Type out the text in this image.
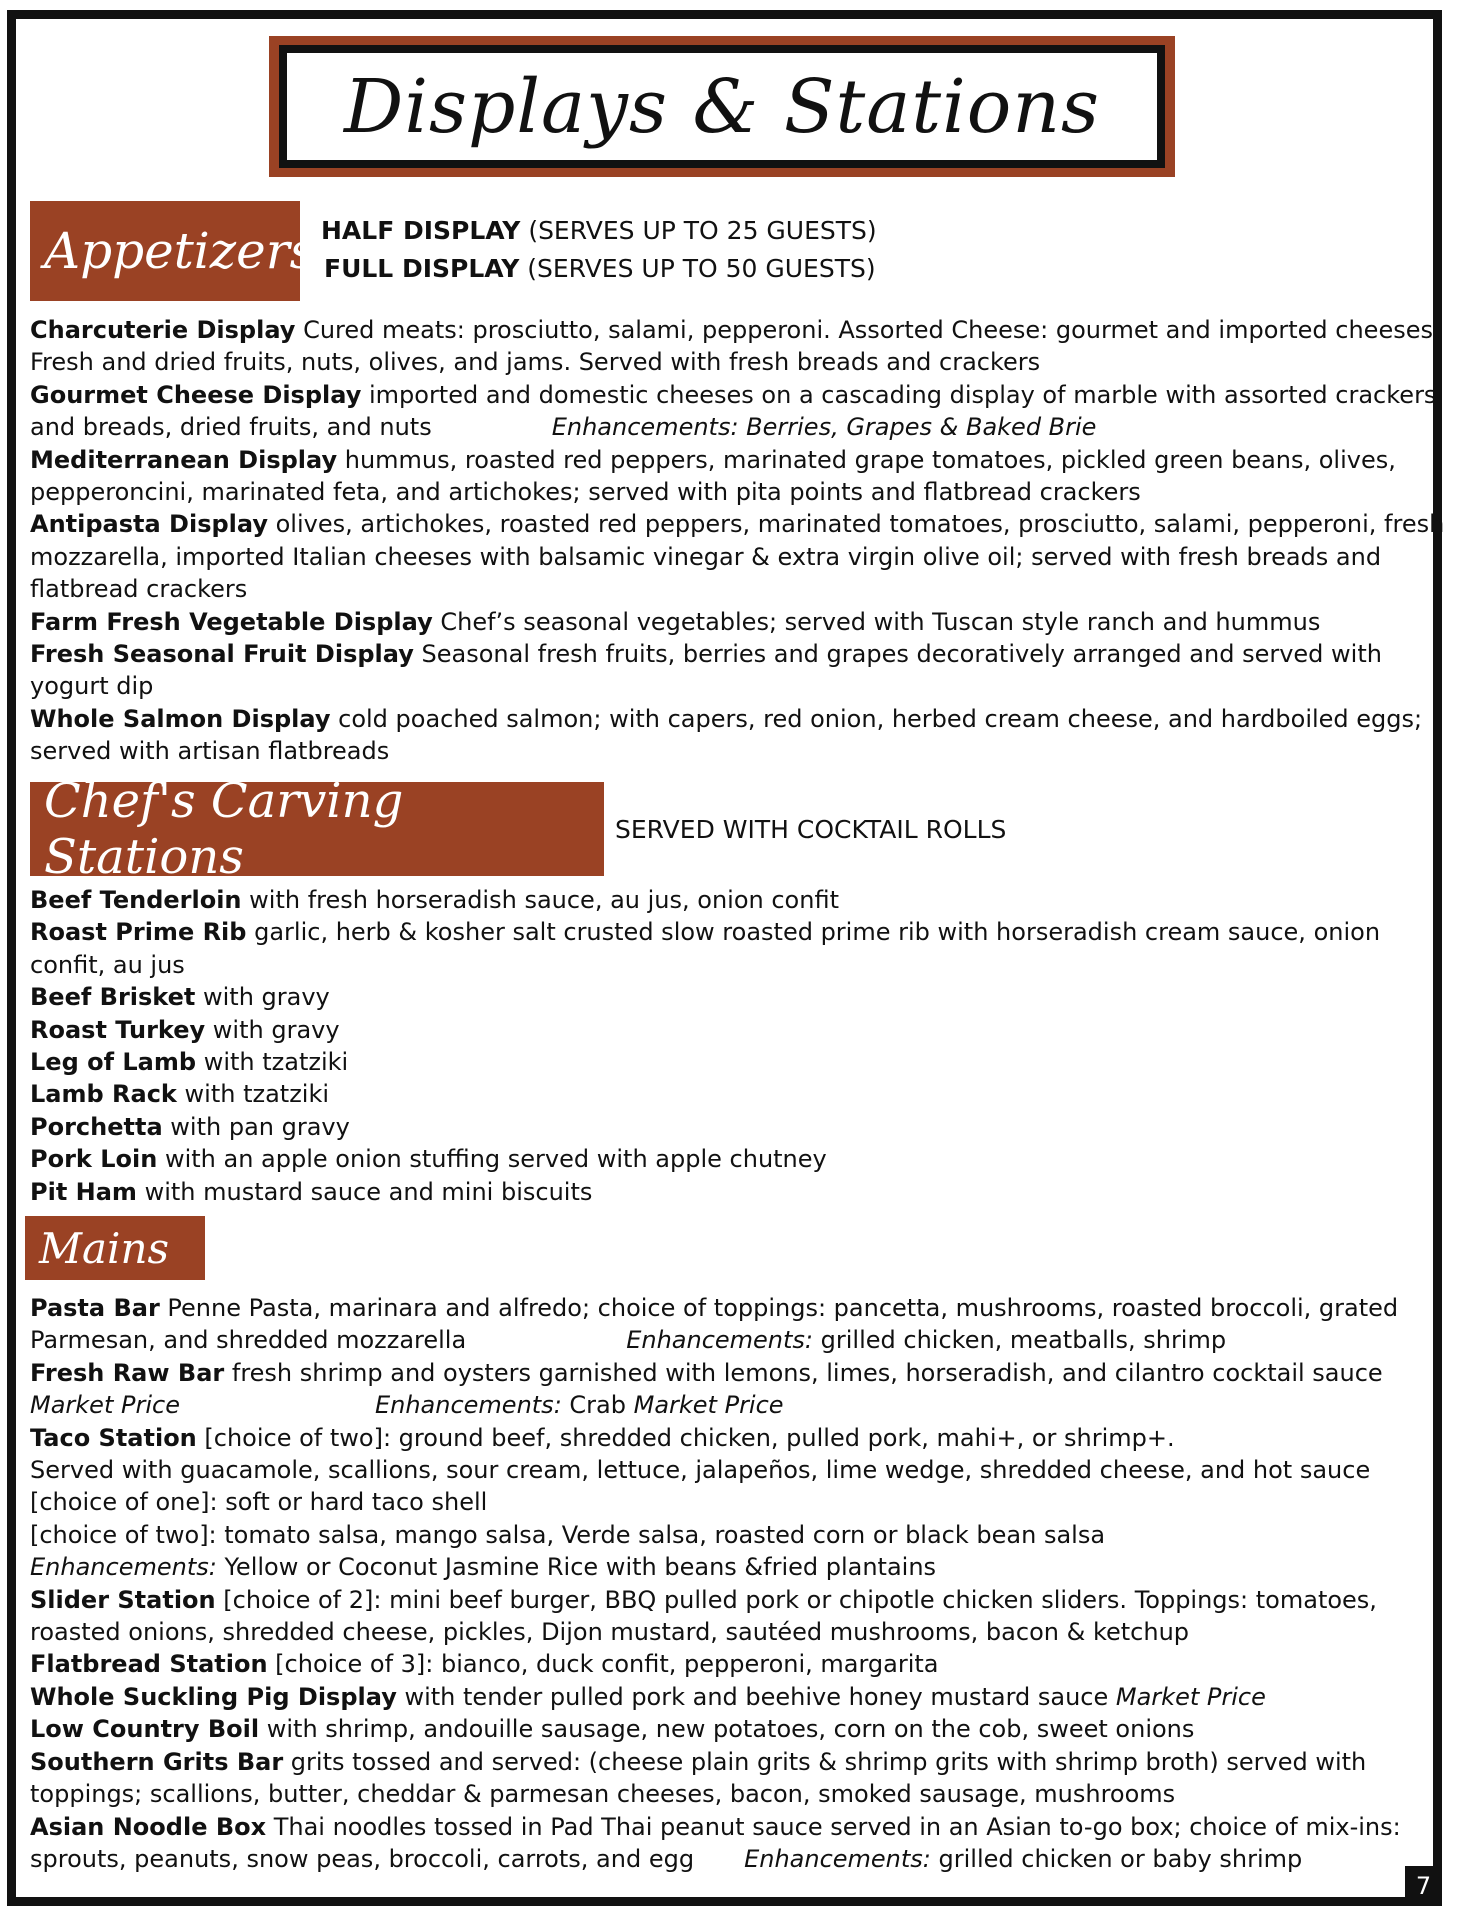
Displays & Stations
Appetizers HALF DISPLAY (SERVES UP TO 25 GUESTS)
FULL DISPLAY (SERVES UP TO 50 GUESTS)

Charcuterie Display Cured meats: prosciutto, salami, pepperoni. Assorted Cheese: gourmet and imported cheeses. Fresh and dried fruits, nuts, olives, and jams. Served with fresh breads and crackers

Gourmet Cheese Display imported and domestic cheeses on a cascading display of marble with assorted crackers and breads, dried fruits, and nuts	Enhancements: Berries, Grapes & Baked Brie

Mediterranean Display hummus, roasted red peppers, marinated grape tomatoes, pickled green beans, olives, pepperoncini, marinated feta, and artichokes; served with pita points and flatbread crackers

Antipasta Display olives, artichokes, roasted red peppers, marinated tomatoes, prosciutto, salami, pepperoni, fresh mozzarella, imported Italian cheeses with balsamic vinegar & extra virgin olive oil; served with fresh breads and flatbread crackers

Farm Fresh Vegetable Display Chef’s seasonal vegetables; served with Tuscan style ranch and hummus

Fresh Seasonal Fruit Display Seasonal fresh fruits, berries and grapes decoratively arranged and served with yogurt dip

Whole Salmon Display cold poached salmon; with capers, red onion, herbed cream cheese, and hardboiled eggs; served with artisan flatbreads

Chef's Carving Stations	SERVED WITH COCKTAIL ROLLS

Beef Tenderloin with fresh horseradish sauce, au jus, onion confit

Roast Prime Rib garlic, herb & kosher salt crusted slow roasted prime rib with horseradish cream sauce, onion confit, au jus

Beef Brisket with gravy

Roast Turkey with gravy

Leg of Lamb with tzatziki

Lamb Rack with tzatziki

Porchetta with pan gravy

Pork Loin with an apple onion stuffing served with apple chutney

Pit Ham with mustard sauce and mini biscuits

Mains

Pasta Bar Penne Pasta, marinara and alfredo; choice of toppings: pancetta, mushrooms, roasted broccoli, grated Parmesan, and shredded mozzarella	Enhancements: grilled chicken, meatballs, shrimp

Fresh Raw Bar fresh shrimp and oysters garnished with lemons, limes, horseradish, and cilantro cocktail sauce
Market Price	Enhancements: Crab Market Price

Taco Station [choice of two]: ground beef, shredded chicken, pulled pork, mahi+, or shrimp+.
Served with guacamole, scallions, sour cream, lettuce, jalapeños, lime wedge, shredded cheese, and hot sauce
[choice of one]: soft or hard taco shell
[choice of two]: tomato salsa, mango salsa, Verde salsa, roasted corn or black bean salsa
Enhancements: Yellow or Coconut Jasmine Rice with beans &fried plantains

Slider Station [choice of 2]: mini beef burger, BBQ pulled pork or chipotle chicken sliders. Toppings: tomatoes, roasted onions, shredded cheese, pickles, Dijon mustard, sautéed mushrooms, bacon & ketchup

Flatbread Station [choice of 3]: bianco, duck confit, pepperoni, margarita

Whole Suckling Pig Display with tender pulled pork and beehive honey mustard sauce Market Price

Low Country Boil with shrimp, andouille sausage, new potatoes, corn on the cob, sweet onions

Southern Grits Bar grits tossed and served: (cheese plain grits & shrimp grits with shrimp broth) served with toppings; scallions, butter, cheddar & parmesan cheeses, bacon, smoked sausage, mushrooms

Asian Noodle Box Thai noodles tossed in Pad Thai peanut sauce served in an Asian to-go box; choice of mix-ins: sprouts, peanuts, snow peas, broccoli, carrots, and egg Enhancements: grilled chicken or baby shrimp

7
